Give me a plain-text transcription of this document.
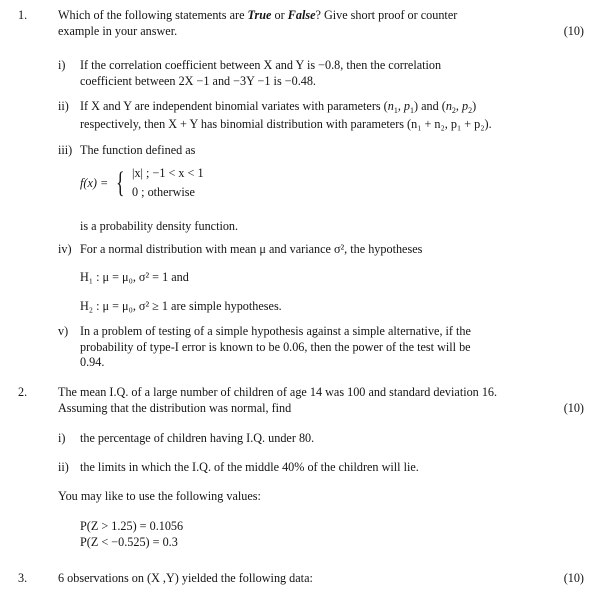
1.	Which of the following statements are True or False? Give short proof or counter
example in your answer.	(10)
i) If the correlation coefficient between X and Y is −0.8, then the correlation
coefficient between 2X −1 and −3Y −1 is −0.48.
ii) If X and Y are independent binomial variates with parameters ($n_1$, $p_1$) and ($n_2$, $p_2$)
respectively, then X + Y has binomial distribution with parameters (n₁ + n₂, p₁ + p₂).
iii) The function defined as
f(x) = { |x| ; −1 < x < 1
0 ; otherwise
is a probability density function.
iv) For a normal distribution with mean μ and variance σ², the hypotheses
H₁ : μ = μ₀, σ² = 1 and
H₂ : μ = μ₀, σ² ≥ 1 are simple hypotheses.
v) In a problem of testing of a simple hypothesis against a simple alternative, if the
probability of type-I error is known to be 0.06, then the power of the test will be
0.94.
2.	The mean I.Q. of a large number of children of age 14 was 100 and standard deviation 16.
Assuming that the distribution was normal, find	(10)
i) the percentage of children having I.Q. under 80.
ii) the limits in which the I.Q. of the middle 40% of the children will lie.
You may like to use the following values:
P(Z > 1.25) = 0.1056
P(Z < −0.525) = 0.3
3.	6 observations on (X ,Y) yielded the following data:	(10)
